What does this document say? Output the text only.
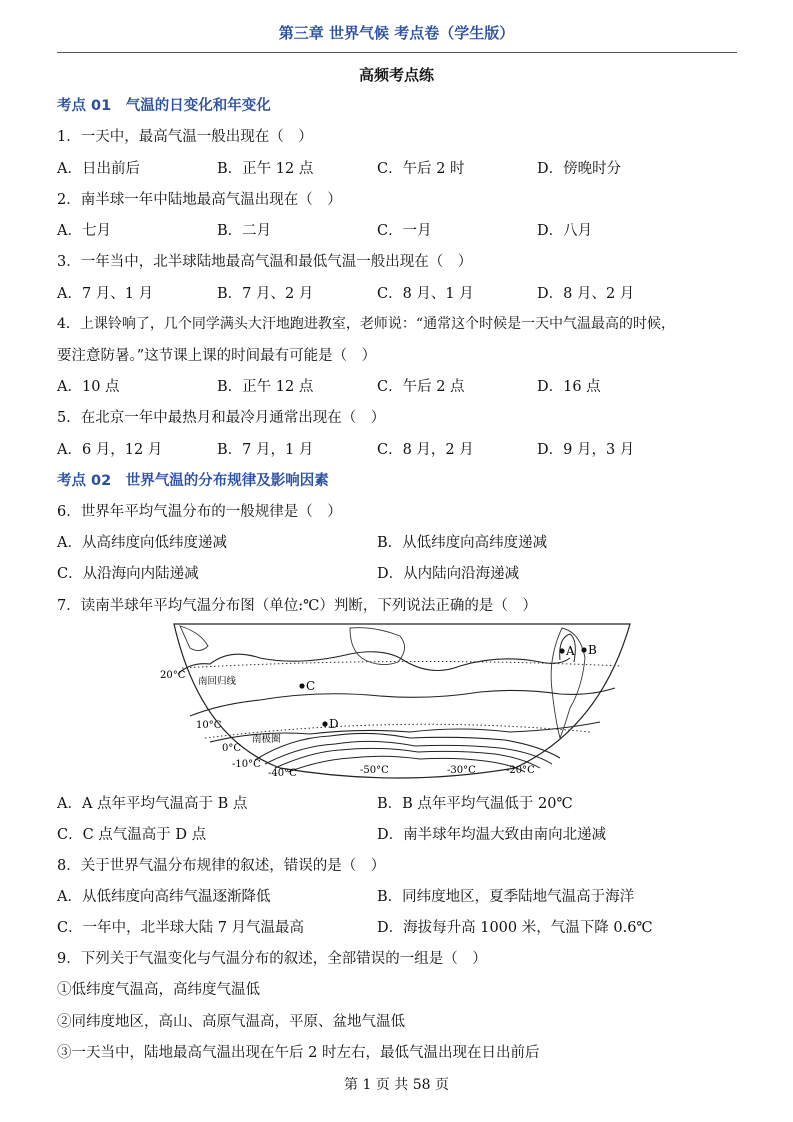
第三章 世界气候 考点卷（学生版）
高频考点练
考点 01　气温的日变化和年变化
1．一天中，最高气温一般出现在（　）
A．日出前后	B．正午 12 点	C．午后 2 时	D．傍晚时分
2．南半球一年中陆地最高气温出现在（　）
A．七月	B．二月	C．一月	D．八月
3．一年当中，北半球陆地最高气温和最低气温一般出现在（　）
A．7 月、1 月	B．7 月、2 月	C．8 月、1 月	D．8 月、2 月
4．上课铃响了，几个同学满头大汗地跑进教室，老师说：“通常这个时候是一天中气温最高的时候，
要注意防暑。”这节课上课的时间最有可能是（　）
A．10 点	B．正午 12 点	C．午后 2 点	D．16 点
5．在北京一年中最热月和最冷月通常出现在（　）
A．6 月，12 月	B．7 月，1 月	C．8 月，2 月	D．9 月，3 月
考点 02　世界气温的分布规律及影响因素
6．世界年平均气温分布的一般规律是（　）
A．从高纬度向低纬度递减	B．从低纬度向高纬度递减
C．从沿海向内陆递减	D．从内陆向沿海递减
7．读南半球年平均气温分布图（单位:℃）判断，下列说法正确的是（　）
A B
C
D
20°C
10°C
0°C
-10°C
-40°C	-50°C	-30°C	-20°C
南回归线
南极圈
A．A 点年平均气温高于 B 点	B．B 点年平均气温低于 20℃
C．C 点气温高于 D 点	D．南半球年均温大致由南向北递减
8．关于世界气温分布规律的叙述，错误的是（　）
A．从低纬度向高纬气温逐渐降低	B．同纬度地区，夏季陆地气温高于海洋
C．一年中，北半球大陆 7 月气温最高	D．海拔每升高 1000 米，气温下降 0.6℃
9．下列关于气温变化与气温分布的叙述，全部错误的一组是（　）
①低纬度气温高，高纬度气温低
②同纬度地区，高山、高原气温高，平原、盆地气温低
③一天当中，陆地最高气温出现在午后 2 时左右，最低气温出现在日出前后
第 1 页 共 58 页
